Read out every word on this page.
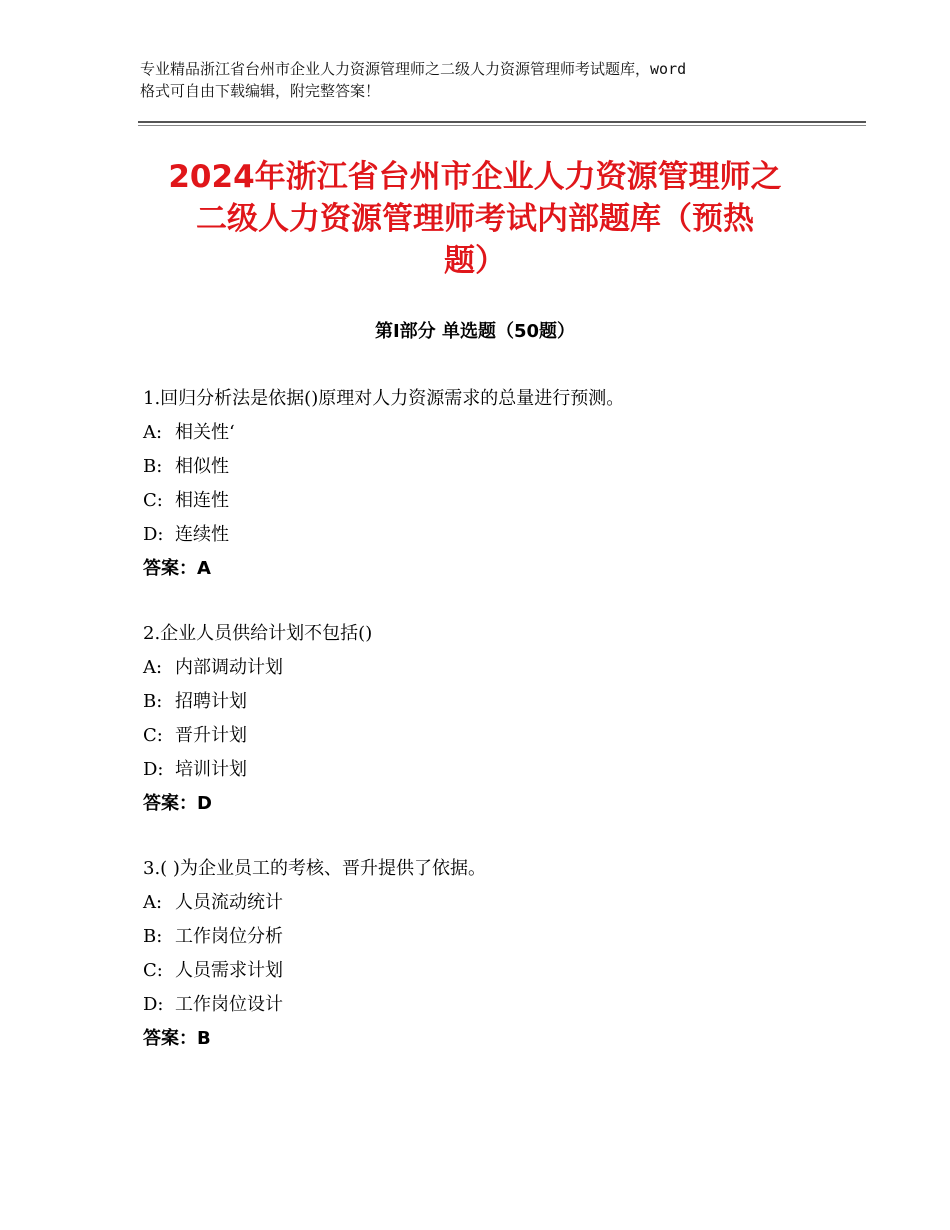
专业精品浙江省台州市企业人力资源管理师之二级人力资源管理师考试题库，word
格式可自由下载编辑，附完整答案！
2024年浙江省台州市企业人力资源管理师之
二级人力资源管理师考试内部题库（预热
题）
第Ⅰ部分 单选题（50题）
1.回归分析法是依据()原理对人力资源需求的总量进行预测。
A: 相关性‘
B: 相似性
C: 相连性
D: 连续性
答案：A
2.企业人员供给计划不包括()
A: 内部调动计划
B: 招聘计划
C: 晋升计划
D: 培训计划
答案：D
3.( )为企业员工的考核、晋升提供了依据。
A: 人员流动统计
B: 工作岗位分析
C: 人员需求计划
D: 工作岗位设计
答案：B
